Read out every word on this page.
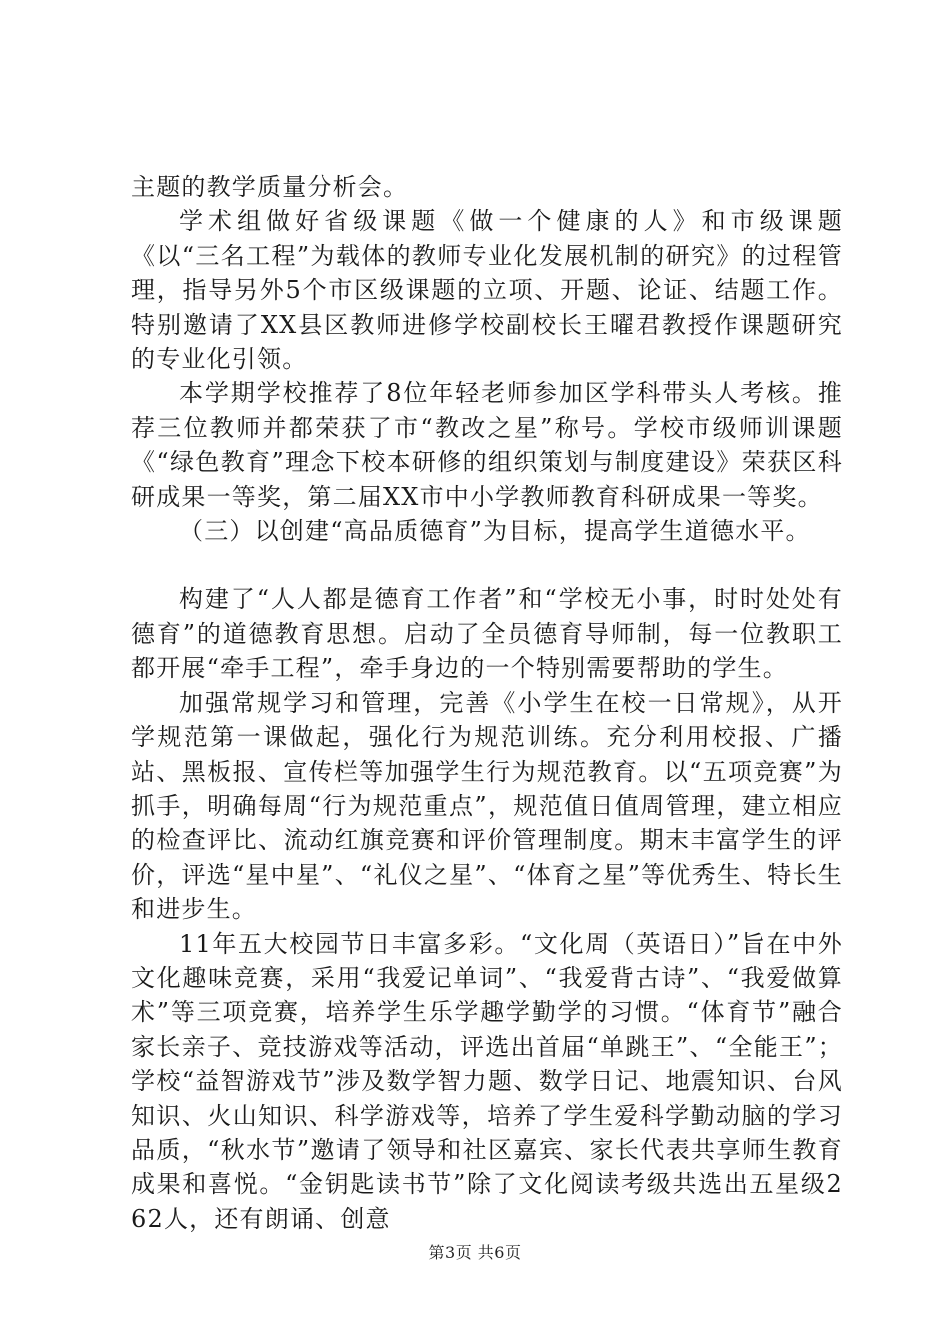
主题的教学质量分析会。

学术组做好省级课题《做一个健康的人》和市级课题《以“三名工程”为载体的教师专业化发展机制的研究》的过程管理，指导另外5个市区级课题的立项、开题、论证、结题工作。特别邀请了XX县区教师进修学校副校长王曜君教授作课题研究的专业化引领。

本学期学校推荐了8位年轻老师参加区学科带头人考核。推荐三位教师并都荣获了市“教改之星”称号。学校市级师训课题《“绿色教育”理念下校本研修的组织策划与制度建设》荣获区科研成果一等奖，第二届XX市中小学教师教育科研成果一等奖。

（三）以创建“高品质德育”为目标，提高学生道德水平。

构建了“人人都是德育工作者”和“学校无小事，时时处处有德育”的道德教育思想。启动了全员德育导师制，每一位教职工都开展“牵手工程”，牵手身边的一个特别需要帮助的学生。

加强常规学习和管理，完善《小学生在校一日常规》，从开学规范第一课做起，强化行为规范训练。充分利用校报、广播站、黑板报、宣传栏等加强学生行为规范教育。以“五项竞赛”为抓手，明确每周“行为规范重点”，规范值日值周管理，建立相应的检查评比、流动红旗竞赛和评价管理制度。期末丰富学生的评价，评选“星中星”、“礼仪之星”、“体育之星”等优秀生、特长生和进步生。

11年五大校园节日丰富多彩。“文化周（英语日）”旨在中外文化趣味竞赛，采用“我爱记单词”、“我爱背古诗”、“我爱做算术”等三项竞赛，培养学生乐学趣学勤学的习惯。“体育节”融合家长亲子、竞技游戏等活动，评选出首届“单跳王”、“全能王”；学校“益智游戏节”涉及数学智力题、数学日记、地震知识、台风知识、火山知识、科学游戏等，培养了学生爱科学勤动脑的学习品质，“秋水节”邀请了领导和社区嘉宾、家长代表共享师生教育成果和喜悦。“金钥匙读书节”除了文化阅读考级共选出五星级262人，还有朗诵、创意

第3页 共6页
